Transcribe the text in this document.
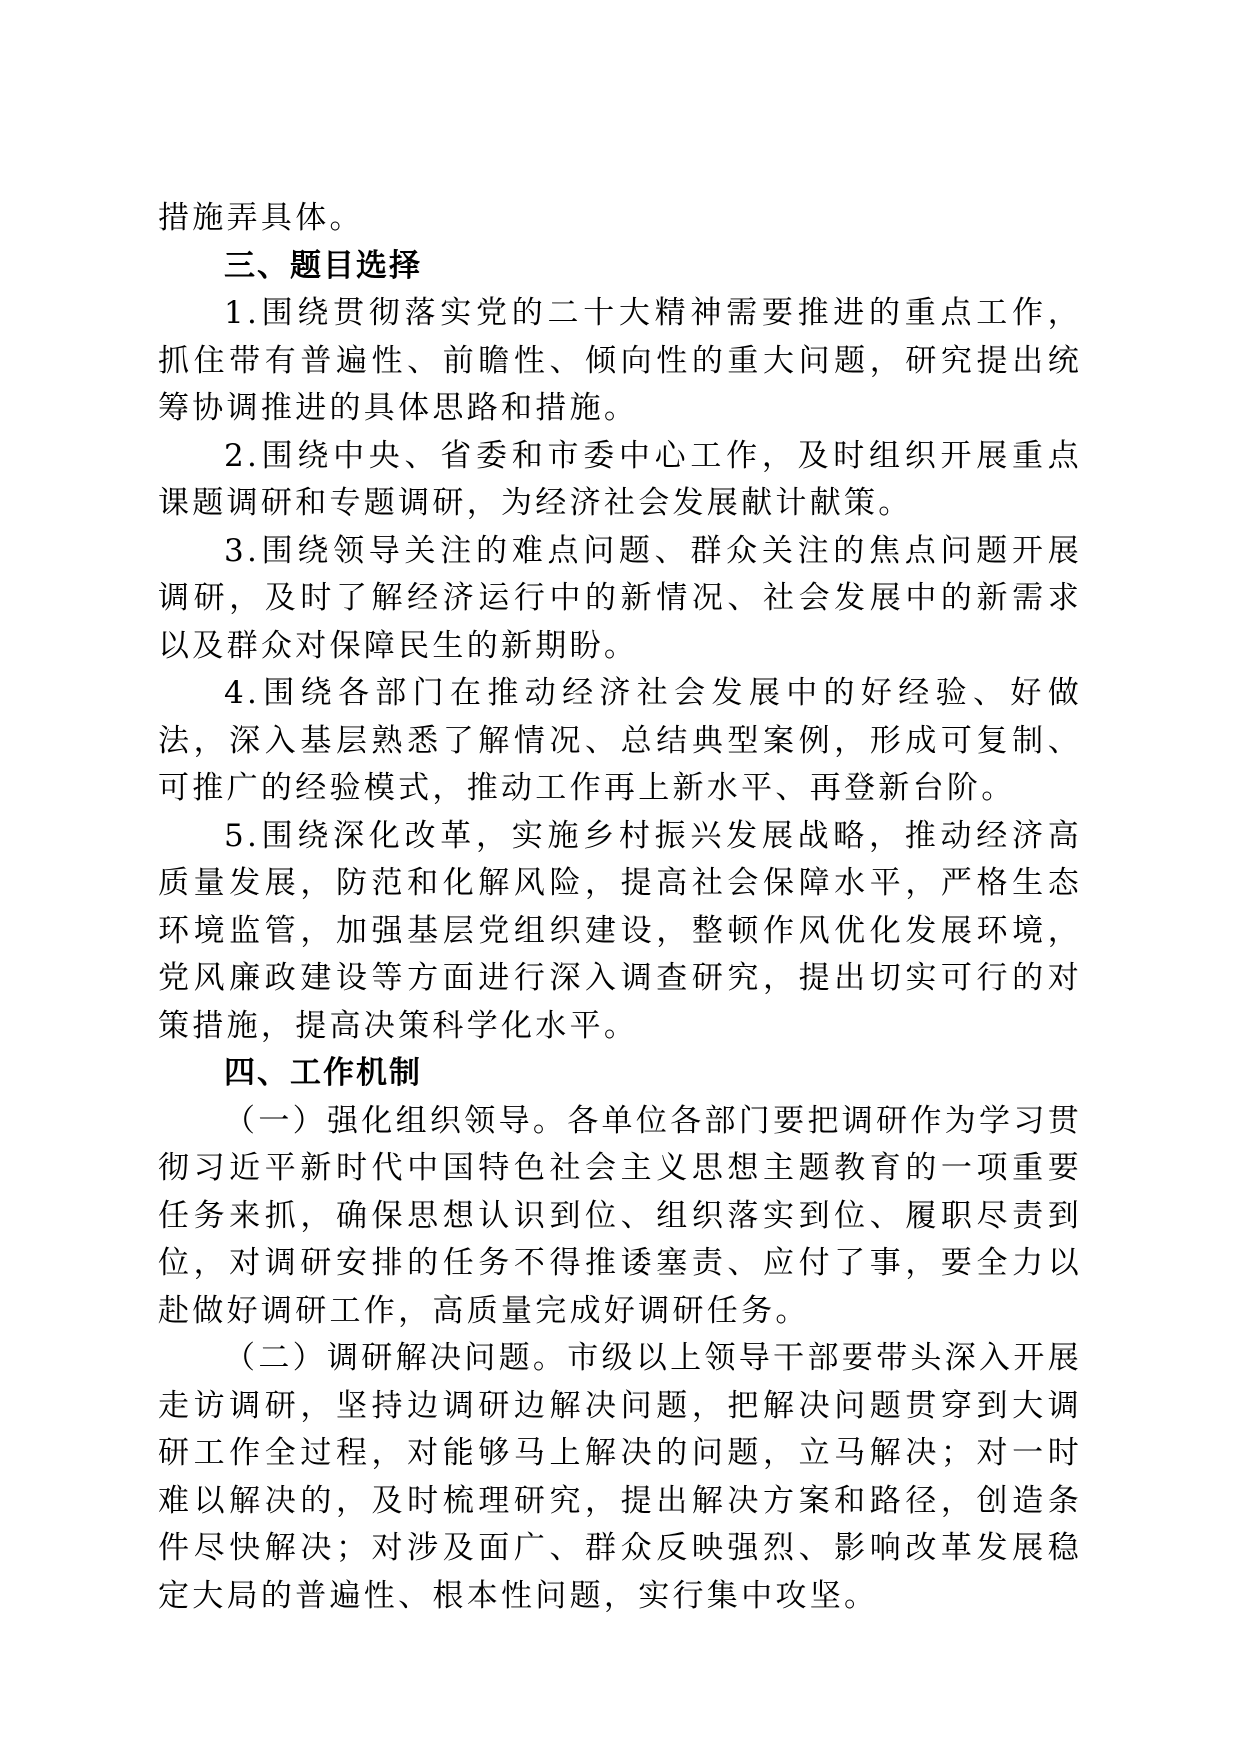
措施弄具体。

三、题目选择

1.围绕贯彻落实党的二十大精神需要推进的重点工作，抓住带有普遍性、前瞻性、倾向性的重大问题，研究提出统筹协调推进的具体思路和措施。

2.围绕中央、省委和市委中心工作，及时组织开展重点课题调研和专题调研，为经济社会发展献计献策。

3.围绕领导关注的难点问题、群众关注的焦点问题开展调研，及时了解经济运行中的新情况、社会发展中的新需求以及群众对保障民生的新期盼。

4.围绕各部门在推动经济社会发展中的好经验、好做法，深入基层熟悉了解情况、总结典型案例，形成可复制、可推广的经验模式，推动工作再上新水平、再登新台阶。

5.围绕深化改革，实施乡村振兴发展战略，推动经济高质量发展，防范和化解风险，提高社会保障水平，严格生态环境监管，加强基层党组织建设，整顿作风优化发展环境，党风廉政建设等方面进行深入调查研究，提出切实可行的对策措施，提高决策科学化水平。

四、工作机制

（一）强化组织领导。各单位各部门要把调研作为学习贯彻习近平新时代中国特色社会主义思想主题教育的一项重要任务来抓，确保思想认识到位、组织落实到位、履职尽责到位，对调研安排的任务不得推诿塞责、应付了事，要全力以赴做好调研工作，高质量完成好调研任务。

（二）调研解决问题。市级以上领导干部要带头深入开展走访调研，坚持边调研边解决问题，把解决问题贯穿到大调研工作全过程，对能够马上解决的问题，立马解决；对一时难以解决的，及时梳理研究，提出解决方案和路径，创造条件尽快解决；对涉及面广、群众反映强烈、影响改革发展稳定大局的普遍性、根本性问题，实行集中攻坚。
